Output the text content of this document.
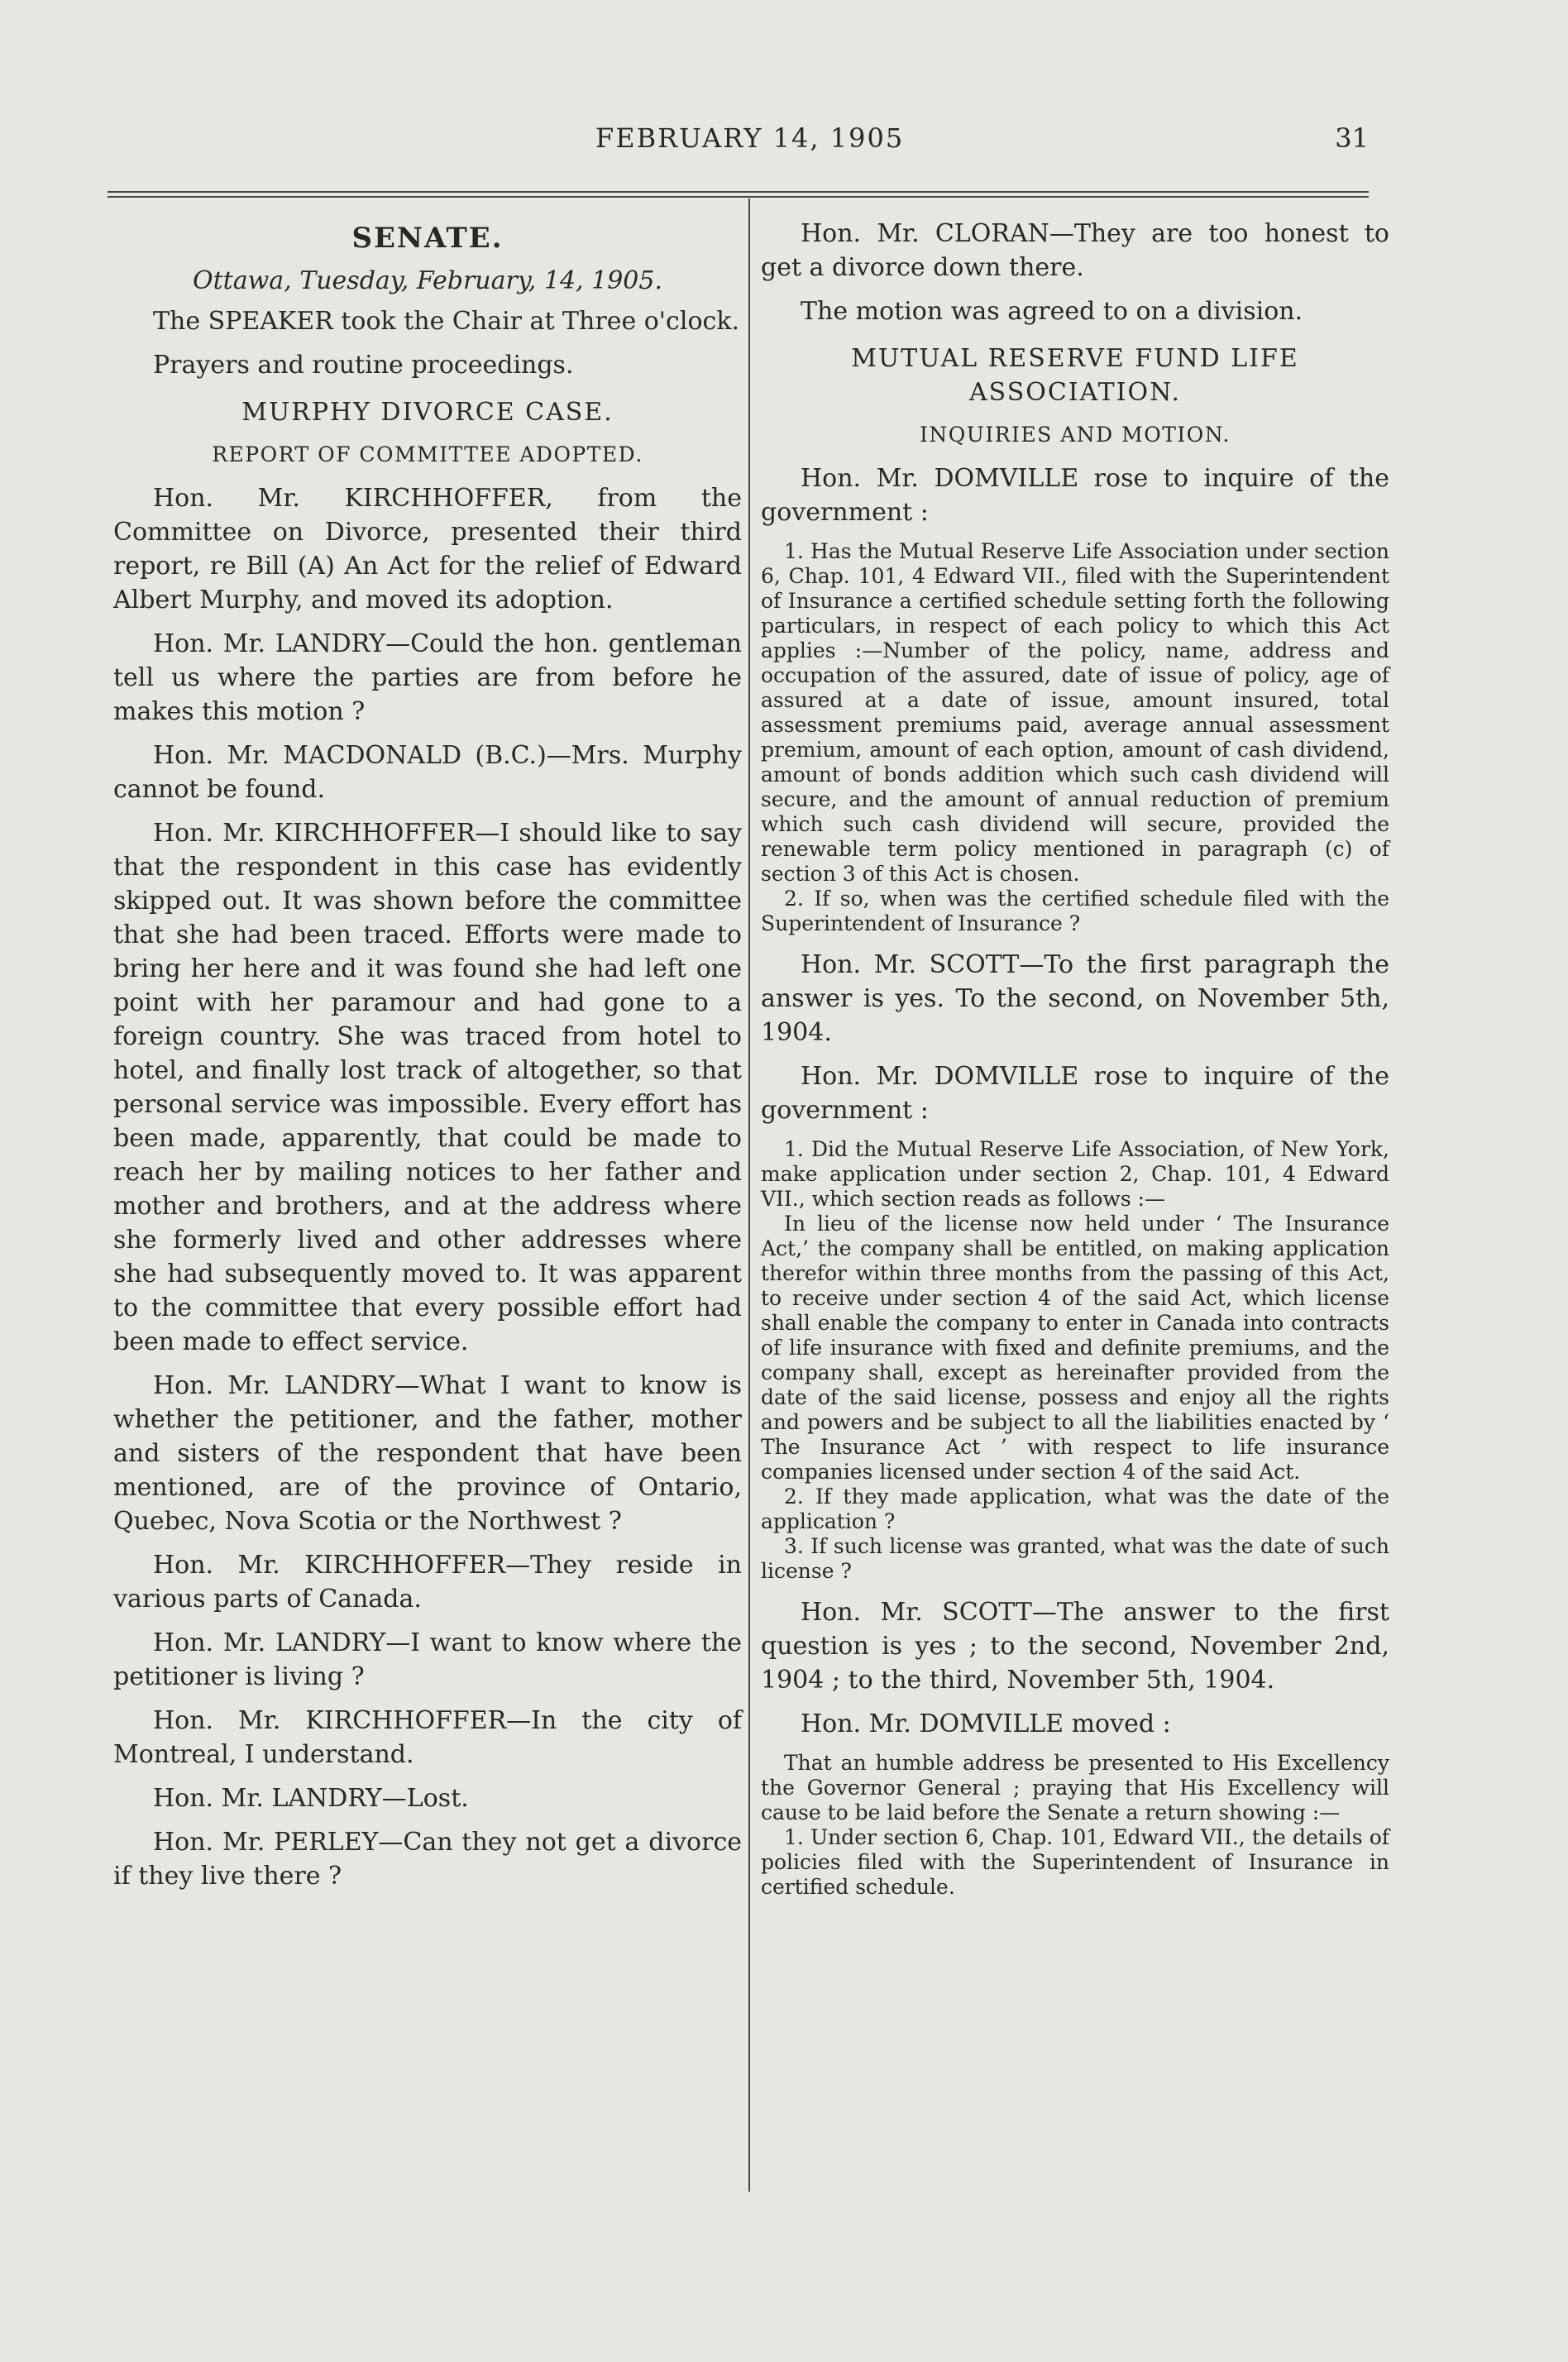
FEBRUARY 14, 1905	31
SENATE.
Ottawa, Tuesday, February, 14, 1905.

The SPEAKER took the Chair at Three o'clock.

Prayers and routine proceedings.

MURPHY DIVORCE CASE.
REPORT OF COMMITTEE ADOPTED.

Hon. Mr. KIRCHHOFFER, from the Committee on Divorce, presented their third report, re Bill (A) An Act for the relief of Edward Albert Murphy, and moved its adoption.

Hon. Mr. LANDRY—Could the hon. gentleman tell us where the parties are from before he makes this motion ?

Hon. Mr. MACDONALD (B.C.)—Mrs. Murphy cannot be found.

Hon. Mr. KIRCHHOFFER—I should like to say that the respondent in this case has evidently skipped out. It was shown before the committee that she had been traced. Efforts were made to bring her here and it was found she had left one point with her paramour and had gone to a foreign country. She was traced from hotel to hotel, and finally lost track of altogether, so that personal service was impossible. Every effort has been made, apparently, that could be made to reach her by mailing notices to her father and mother and brothers, and at the address where she formerly lived and other addresses where she had subsequently moved to. It was apparent to the committee that every possible effort had been made to effect service.

Hon. Mr. LANDRY—What I want to know is whether the petitioner, and the father, mother and sisters of the respondent that have been mentioned, are of the province of Ontario, Quebec, Nova Scotia or the Northwest ?

Hon. Mr. KIRCHHOFFER—They reside in various parts of Canada.

Hon. Mr. LANDRY—I want to know where the petitioner is living ?

Hon. Mr. KIRCHHOFFER—In the city of Montreal, I understand.

Hon. Mr. LANDRY—Lost.

Hon. Mr. PERLEY—Can they not get a divorce if they live there ?

Hon. Mr. CLORAN—They are too honest to get a divorce down there.

The motion was agreed to on a division.

MUTUAL RESERVE FUND LIFE ASSOCIATION.
INQUIRIES AND MOTION.

Hon. Mr. DOMVILLE rose to inquire of the government :

1. Has the Mutual Reserve Life Association under section 6, Chap. 101, 4 Edward VII., filed with the Superintendent of Insurance a certified schedule setting forth the following particulars, in respect of each policy to which this Act applies :—Number of the policy, name, address and occupation of the assured, date of issue of policy, age of assured at a date of issue, amount insured, total assessment premiums paid, average annual assessment premium, amount of each option, amount of cash dividend, amount of bonds addition which such cash dividend will secure, and the amount of annual reduction of premium which such cash dividend will secure, provided the renewable term policy mentioned in paragraph (c) of section 3 of this Act is chosen.

2. If so, when was the certified schedule filed with the Superintendent of Insurance ?

Hon. Mr. SCOTT—To the first paragraph the answer is yes. To the second, on November 5th, 1904.

Hon. Mr. DOMVILLE rose to inquire of the government :

1. Did the Mutual Reserve Life Association, of New York, make application under section 2, Chap. 101, 4 Edward VII., which section reads as follows :—

In lieu of the license now held under ‘ The Insurance Act,’ the company shall be entitled, on making application therefor within three months from the passing of this Act, to receive under section 4 of the said Act, which license shall enable the company to enter in Canada into contracts of life insurance with fixed and definite premiums, and the company shall, except as hereinafter provided from the date of the said license, possess and enjoy all the rights and powers and be subject to all the liabilities enacted by ‘ The Insurance Act ’ with respect to life insurance companies licensed under section 4 of the said Act.

2. If they made application, what was the date of the application ?

3. If such license was granted, what was the date of such license ?

Hon. Mr. SCOTT—The answer to the first question is yes ; to the second, November 2nd, 1904 ; to the third, November 5th, 1904.

Hon. Mr. DOMVILLE moved :

That an humble address be presented to His Excellency the Governor General ; praying that His Excellency will cause to be laid before the Senate a return showing :—

1. Under section 6, Chap. 101, Edward VII., the details of policies filed with the Superintendent of Insurance in certified schedule.
